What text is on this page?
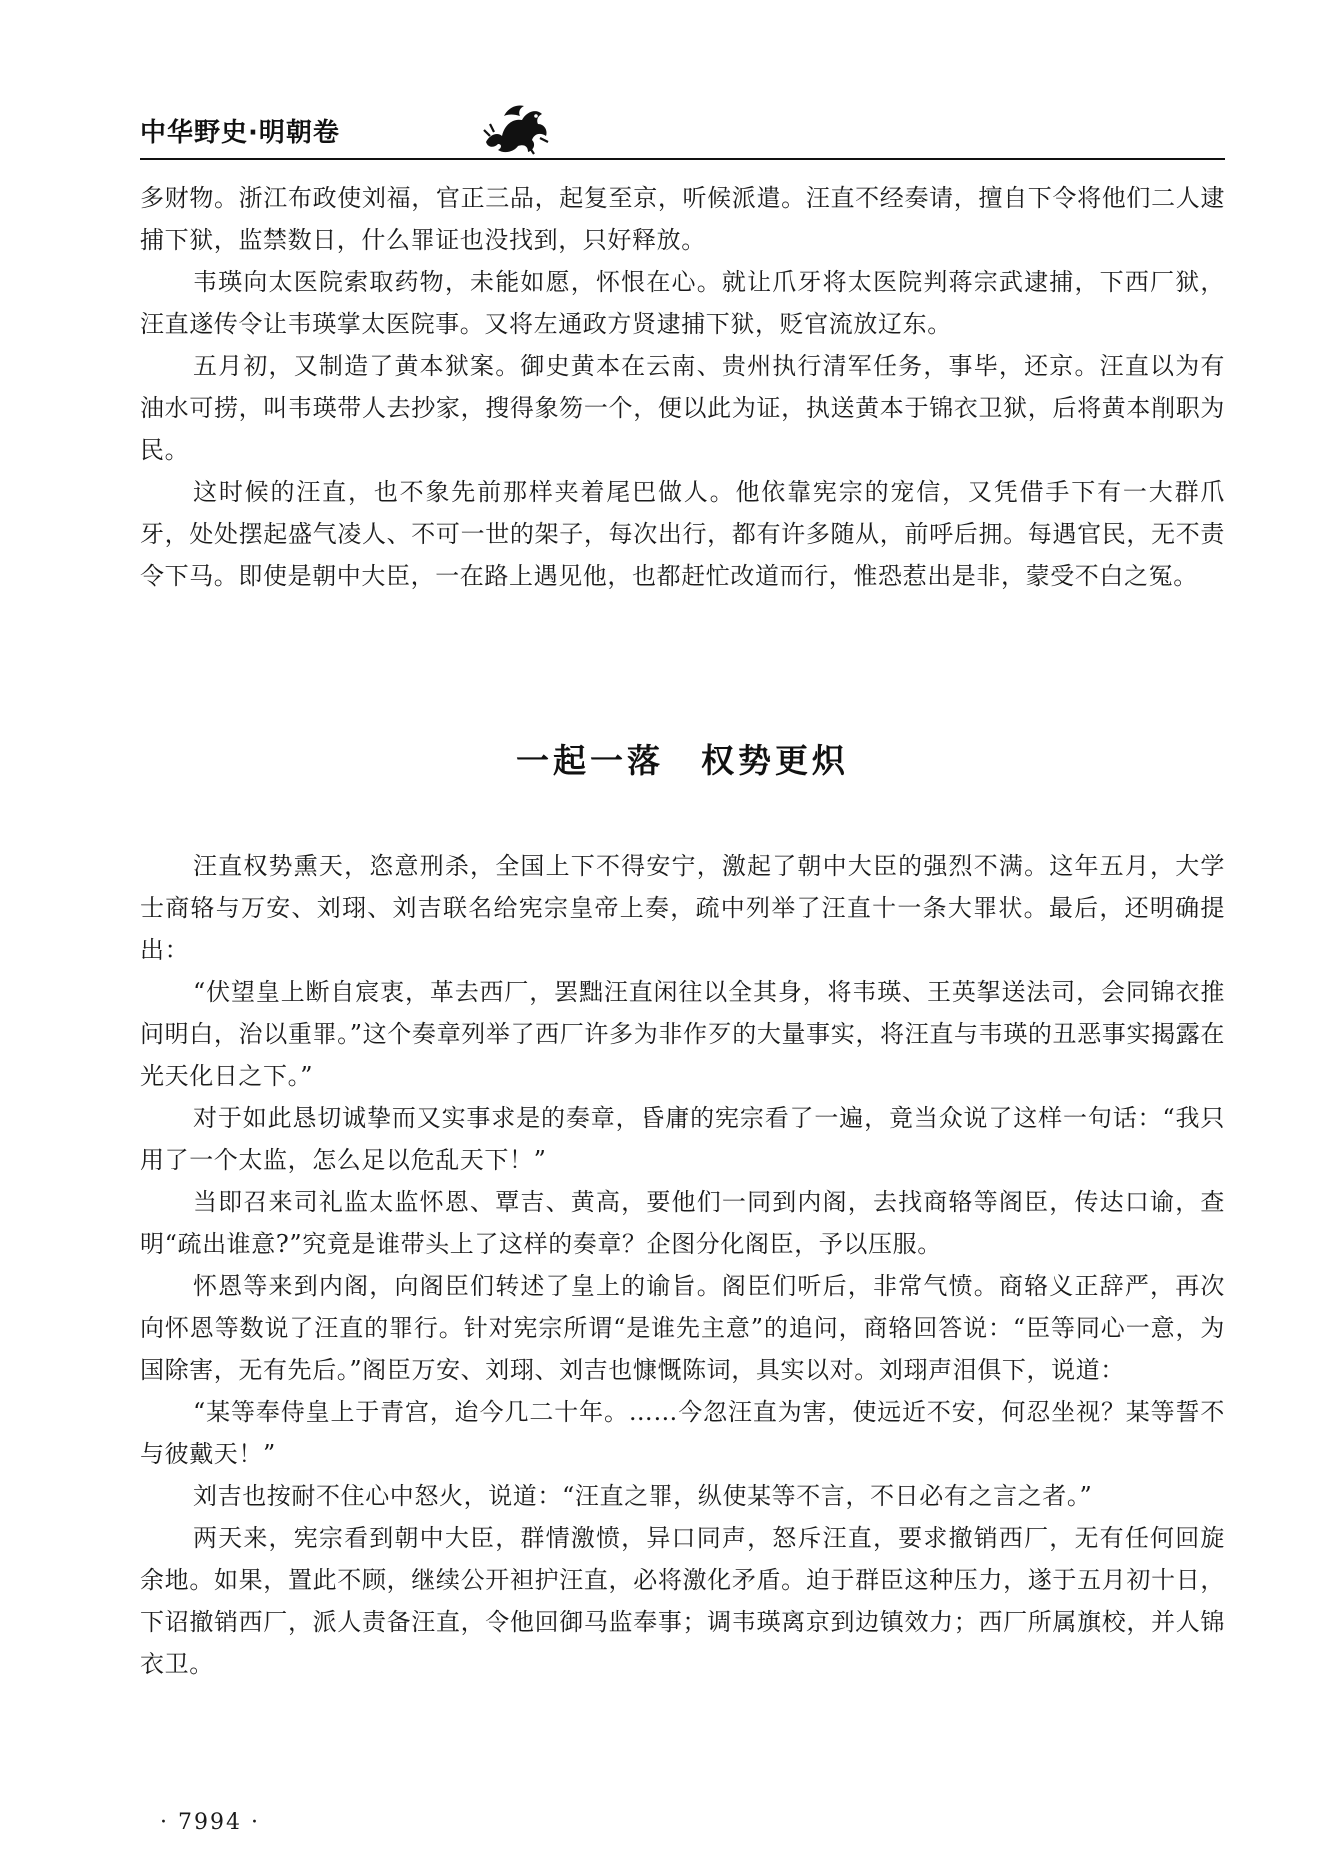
中华野史·明朝卷

多财物。浙江布政使刘福，官正三品，起复至京，听候派遣。汪直不经奏请，擅自下令将他们二人逮捕下狱，监禁数日，什么罪证也没找到，只好释放。

韦瑛向太医院索取药物，未能如愿，怀恨在心。就让爪牙将太医院判蒋宗武逮捕，下西厂狱，汪直遂传令让韦瑛掌太医院事。又将左通政方贤逮捕下狱，贬官流放辽东。

五月初，又制造了黄本狱案。御史黄本在云南、贵州执行清军任务，事毕，还京。汪直以为有油水可捞，叫韦瑛带人去抄家，搜得象笏一个，便以此为证，执送黄本于锦衣卫狱，后将黄本削职为民。

这时候的汪直，也不象先前那样夹着尾巴做人。他依靠宪宗的宠信，又凭借手下有一大群爪牙，处处摆起盛气凌人、不可一世的架子，每次出行，都有许多随从，前呼后拥。每遇官民，无不责令下马。即使是朝中大臣，一在路上遇见他，也都赶忙改道而行，惟恐惹出是非，蒙受不白之冤。

一起一落　权势更炽

汪直权势熏天，恣意刑杀，全国上下不得安宁，激起了朝中大臣的强烈不满。这年五月，大学士商辂与万安、刘珝、刘吉联名给宪宗皇帝上奏，疏中列举了汪直十一条大罪状。最后，还明确提出：

“伏望皇上断自宸衷，革去西厂，罢黜汪直闲往以全其身，将韦瑛、王英挐送法司，会同锦衣推问明白，治以重罪。”这个奏章列举了西厂许多为非作歹的大量事实，将汪直与韦瑛的丑恶事实揭露在光天化日之下。”

对于如此恳切诚挚而又实事求是的奏章，昏庸的宪宗看了一遍，竟当众说了这样一句话：“我只用了一个太监，怎么足以危乱天下！”

当即召来司礼监太监怀恩、覃吉、黄高，要他们一同到内阁，去找商辂等阁臣，传达口谕，查明“疏出谁意?”究竟是谁带头上了这样的奏章？企图分化阁臣，予以压服。

怀恩等来到内阁，向阁臣们转述了皇上的谕旨。阁臣们听后，非常气愤。商辂义正辞严，再次向怀恩等数说了汪直的罪行。针对宪宗所谓“是谁先主意”的追问，商辂回答说：“臣等同心一意，为国除害，无有先后。”阁臣万安、刘珝、刘吉也慷慨陈词，具实以对。刘珝声泪俱下，说道：

“某等奉侍皇上于青宫，迨今几二十年。……今忽汪直为害，使远近不安，何忍坐视？某等誓不与彼戴天！”

刘吉也按耐不住心中怒火，说道：“汪直之罪，纵使某等不言，不日必有之言之者。”

两天来，宪宗看到朝中大臣，群情激愤，异口同声，怒斥汪直，要求撤销西厂，无有任何回旋余地。如果，置此不顾，继续公开袒护汪直，必将激化矛盾。迫于群臣这种压力，遂于五月初十日，下诏撤销西厂，派人责备汪直，令他回御马监奉事；调韦瑛离京到边镇效力；西厂所属旗校，并人锦衣卫。

· 7994 ·
